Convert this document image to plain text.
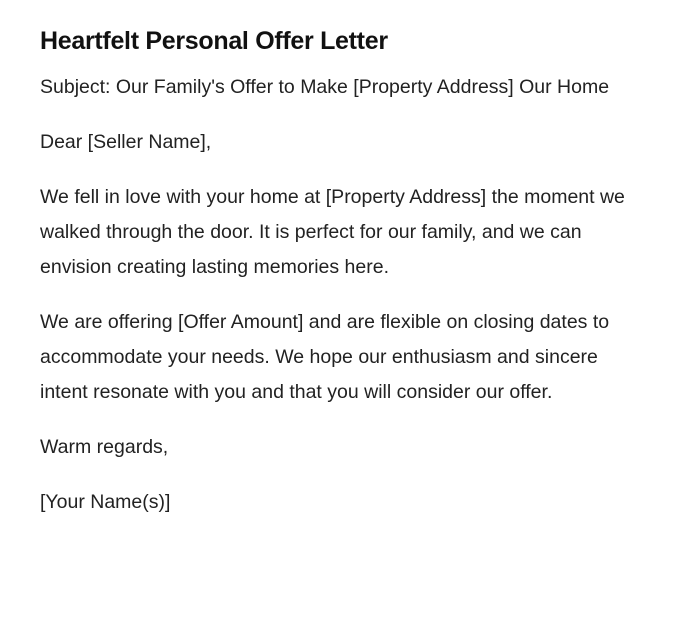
Heartfelt Personal Offer Letter

Subject: Our Family's Offer to Make [Property Address] Our Home

Dear [Seller Name],

We fell in love with your home at [Property Address] the moment we walked through the door. It is perfect for our family, and we can envision creating lasting memories here.

We are offering [Offer Amount] and are flexible on closing dates to accommodate your needs. We hope our enthusiasm and sincere intent resonate with you and that you will consider our offer.

Warm regards,

[Your Name(s)]
